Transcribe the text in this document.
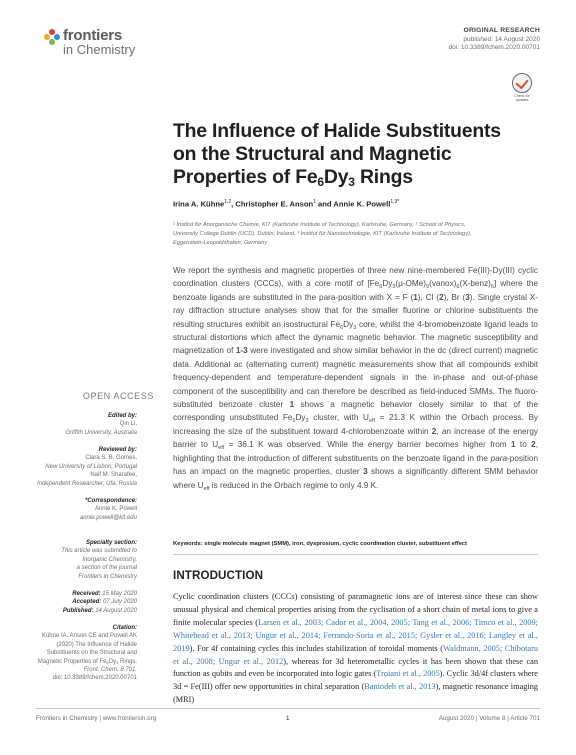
frontiers
in Chemistry
ORIGINAL RESEARCH
published: 14 August 2020
doi: 10.3389/fchem.2020.00701
Check for
updates
The Influence of Halide Substituents
on the Structural and Magnetic
Properties of $Fe_6Dy_3$ Rings
Irina A. Kühne$^{1,2}$, Christopher E. Anson$^1$ and Annie K. Powell$^{1,3*}$
¹ Institut für Anorganische Chemie, KIT (Karlsruhe Institute of Technology), Karlsruhe, Germany, ² School of Physics,
University College Dublin (UCD), Dublin, Ireland, ³ Institut für Nanotechnologie, KIT (Karlsruhe Institute of Technology),
Eggenstein-Leopoldshafen, Germany
We report the synthesis and magnetic properties of three new nine-membered Fe(III)-Dy(III) cyclic coordination clusters (CCCs), with a core motif of $[Fe_6Dy_3(\mu-OMe)_9(vanox)_6(X-benz)_6]$ where the benzoate ligands are substituted in the para-position with X = F (1), Cl (2), Br (3). Single crystal X-ray diffraction structure analyses show that for the smaller fluorine or chlorine substituents the resulting structures exhibit an isostructural $Fe_6Dy_3$ core, whilst the 4-bromobenzoate ligand leads to structural distortions which affect the dynamic magnetic behavior. The magnetic susceptibility and magnetization of 1-3 were investigated and show similar behavior in the dc (direct current) magnetic data. Additional ac (alternating current) magnetic measurements show that all compounds exhibit frequency-dependent and temperature-dependent signals in the in-phase and out-of-phase component of the susceptibility and can therefore be described as field-induced SMMs. The fluoro-substituted benzoate cluster 1 shows a magnetic behavior closely similar to that of the corresponding unsubstituted $Fe_6Dy_3$ cluster, with $U_{eff} = 21.3$ K within the Orbach process. By increasing the size of the substituent toward 4-chlorobenzoate within 2, an increase of the energy barrier to $U_{eff} = 36.1$ K was observed. While the energy barrier becomes higher from 1 to 2, highlighting that the introduction of different substituents on the benzoate ligand in the para-position has an impact on the magnetic properties, cluster 3 shows a significantly different SMM behavior where $U_{eff}$ is reduced in the Orbach regime to only 4.9 K.
Keywords: single molecule magnet (SMM), iron, dysprosium, cyclic coordination cluster, substituent effect
INTRODUCTION
Cyclic coordination clusters (CCCs) consisting of paramagnetic ions are of interest since these can show unusual physical and chemical properties arising from the cyclisation of a short chain of metal ions to give a finite molecular species (Larsen et al., 2003; Cador et al., 2004, 2005; Tang et al., 2006; Timco et al., 2009; Whitehead et al., 2013; Ungur et al., 2014; Ferrando-Soria et al., 2015; Gysler et al., 2016; Langley et al., 2019). For 4f containing cycles this includes stabilization of toroidal moments (Waldmann, 2005; Chibotaru et al., 2008; Ungur et al., 2012), whereas for 3d heterometallic cycles it has been shown that these can function as qubits and even be incorporated into logic gates (Troiani et al., 2005). Cyclic 3d/4f clusters where 3d = Fe(III) offer new opportunities in chiral separation (Baniodeh et al., 2013), magnetic resonance imaging (MRI)
OPEN ACCESS
Edited by:
Qin Li,
Griffith University, Australia
Reviewed by:
Clara S. B. Gomes,
New University of Lisbon, Portugal
Naif M. Sharafee,
Independent Researcher, Ufa, Russia
*Correspondence:
Annie K. Powell
annie.powell@kit.edu
Specialty section:
This article was submitted to
Inorganic Chemistry,
a section of the journal
Frontiers in Chemistry
Received: 15 May 2020
Accepted: 07 July 2020
Published: 14 August 2020
Citation:
Kühne IA, Anson CE and Powell AK
(2020) The Influence of Halide
Substituents on the Structural and
Magnetic Properties of $Fe_6Dy_3$ Rings.
Front. Chem. 8:701.
doi: 10.3389/fchem.2020.00701
Frontiers in Chemistry | www.frontiersin.org	1	August 2020 | Volume 8 | Article 701
